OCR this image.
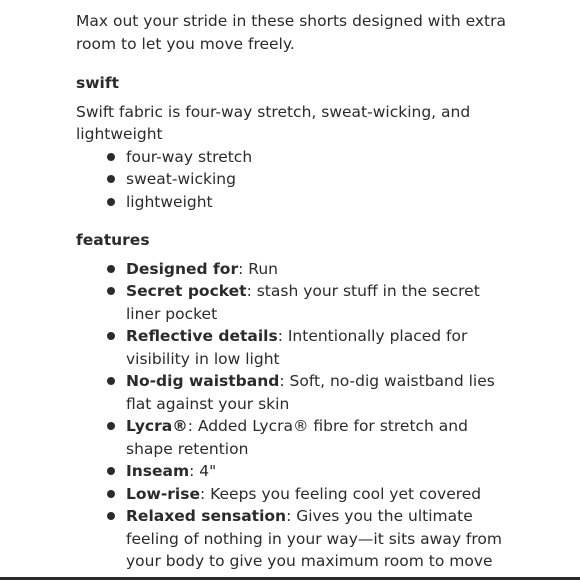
Max out your stride in these shorts designed with extra room to let you move freely.

swift

Swift fabric is four-way stretch, sweat-wicking, and lightweight

four-way stretch
sweat-wicking
lightweight
features
Designed for: Run
Secret pocket: stash your stuff in the secret liner pocket
Reflective details: Intentionally placed for visibility in low light
No-dig waistband: Soft, no-dig waistband lies flat against your skin
Lycra®: Added Lycra® fibre for stretch and shape retention
Inseam: 4"
Low-rise: Keeps you feeling cool yet covered
Relaxed sensation: Gives you the ultimate feeling of nothing in your way—it sits away from your body to give you maximum room to move
